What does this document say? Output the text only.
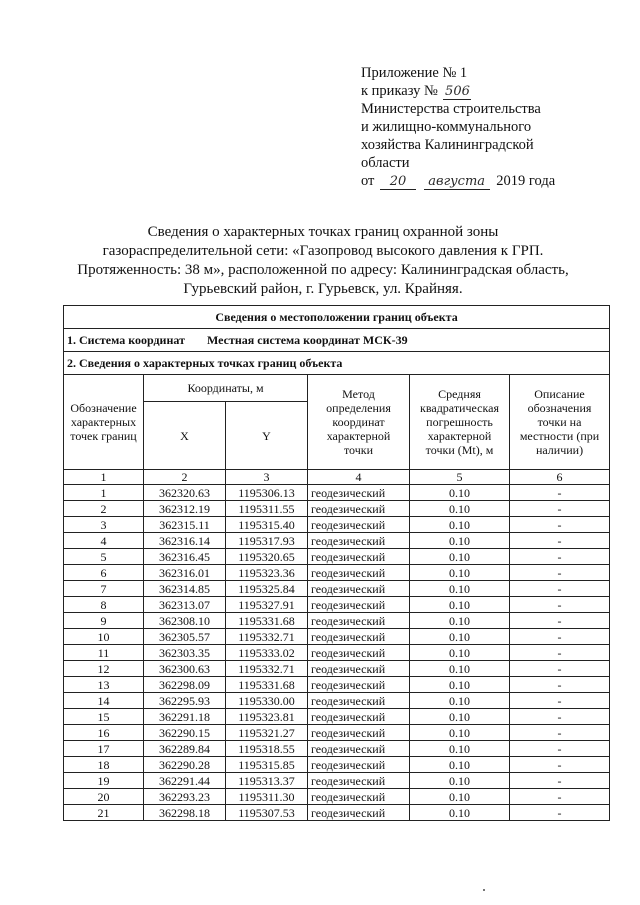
Приложение № 1
к приказу № 506
Министерства строительства
и жилищно-коммунального
хозяйства Калининградской
области
от 20 августа 2019 года
Сведения о характерных точках границ охранной зоны
газораспределительной сети: «Газопровод высокого давления к ГРП.
Протяженность: 38 м», расположенной по адресу: Калининградская область,
Гурьевский район, г. Гурьевск, ул. Крайняя.
Сведения о местоположении границ объекта					
1. Система координат Местная система координат МСК-39					
2. Сведения о характерных точках границ объекта					
Обозначение характерных точек границ	Координаты, м		Метод определения координат характерной точки	Средняя квадратическая погрешность характерной точки (Mt), м	Описание обозначения точки на местности (при наличии)
	X	Y			
1	2	3	4	5	6
1	362320.63	1195306.13	геодезический	0.10	-
2	362312.19	1195311.55	геодезический	0.10	-
3	362315.11	1195315.40	геодезический	0.10	-
4	362316.14	1195317.93	геодезический	0.10	-
5	362316.45	1195320.65	геодезический	0.10	-
6	362316.01	1195323.36	геодезический	0.10	-
7	362314.85	1195325.84	геодезический	0.10	-
8	362313.07	1195327.91	геодезический	0.10	-
9	362308.10	1195331.68	геодезический	0.10	-
10	362305.57	1195332.71	геодезический	0.10	-
11	362303.35	1195333.02	геодезический	0.10	-
12	362300.63	1195332.71	геодезический	0.10	-
13	362298.09	1195331.68	геодезический	0.10	-
14	362295.93	1195330.00	геодезический	0.10	-
15	362291.18	1195323.81	геодезический	0.10	-
16	362290.15	1195321.27	геодезический	0.10	-
17	362289.84	1195318.55	геодезический	0.10	-
18	362290.28	1195315.85	геодезический	0.10	-
19	362291.44	1195313.37	геодезический	0.10	-
20	362293.23	1195311.30	геодезический	0.10	-
21	362298.18	1195307.53	геодезический	0.10	-
